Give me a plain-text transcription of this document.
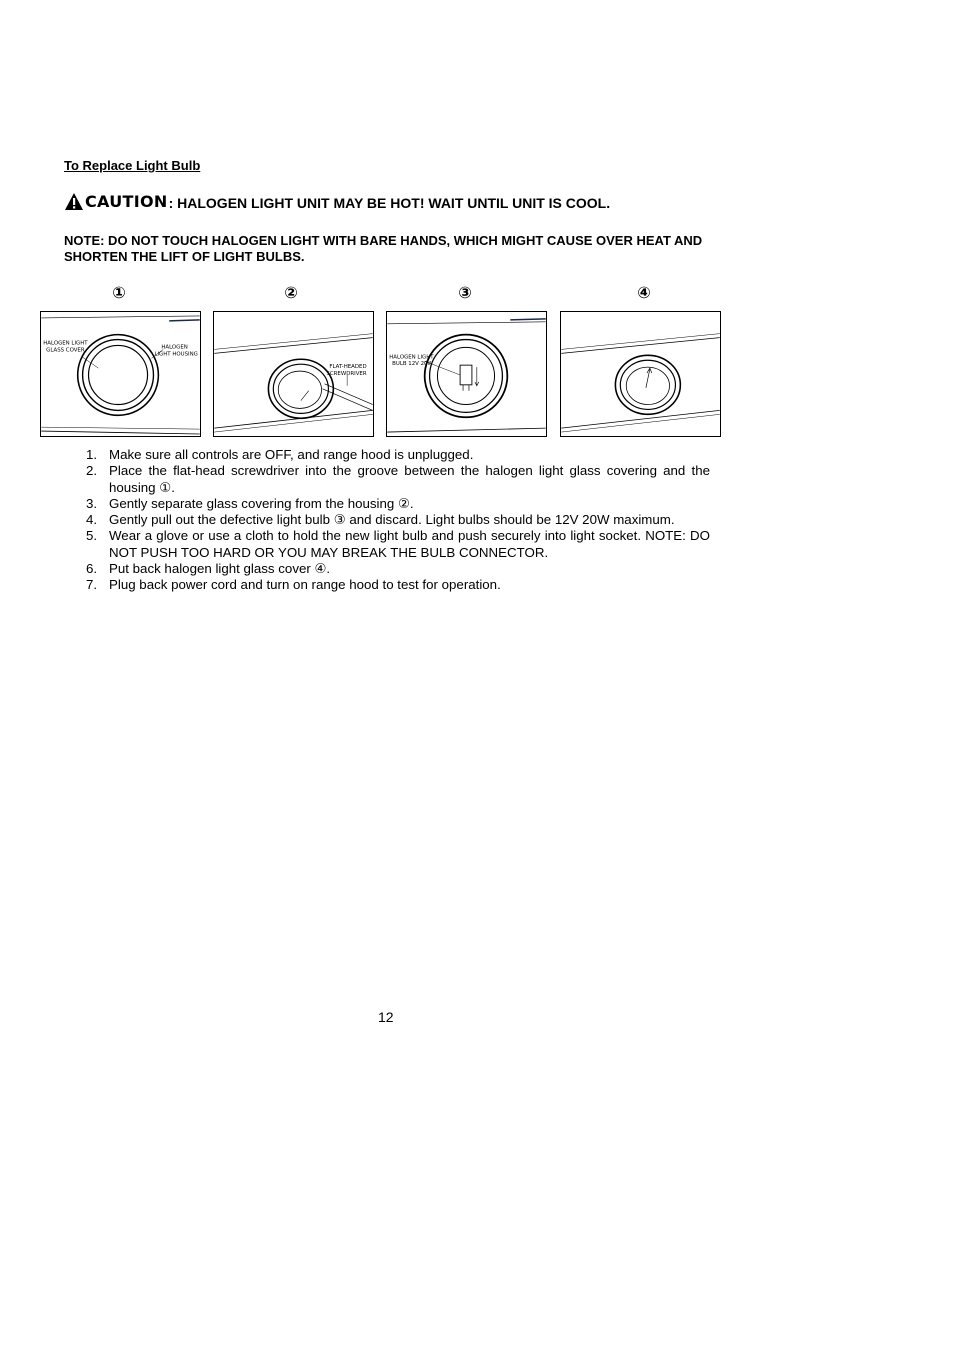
To Replace Light Bulb
CAUTION : HALOGEN LIGHT UNIT MAY BE HOT! WAIT UNTIL UNIT IS COOL.
NOTE: DO NOT TOUCH HALOGEN LIGHT WITH BARE HANDS, WHICH MIGHT CAUSE OVER HEAT AND SHORTEN THE LIFT OF LIGHT BULBS.
①	②	③	④
HALOGEN LIGHT
GLASS COVER	HALOGEN
LIGHT HOUSING
FLAT-HEADED
SCREWDRIVER
HALOGEN LIGHT
BULB 12V 20W
1. Make sure all controls are OFF, and range hood is unplugged.
2. Place the flat-head screwdriver into the groove between the halogen light glass covering and the housing ①.
3. Gently separate glass covering from the housing ②.
4. Gently pull out the defective light bulb ③ and discard. Light bulbs should be 12V 20W maximum.
5. Wear a glove or use a cloth to hold the new light bulb and push securely into light socket. NOTE: DO NOT PUSH TOO HARD OR YOU MAY BREAK THE BULB CONNECTOR.
6. Put back halogen light glass cover ④.
7. Plug back power cord and turn on range hood to test for operation.
12
